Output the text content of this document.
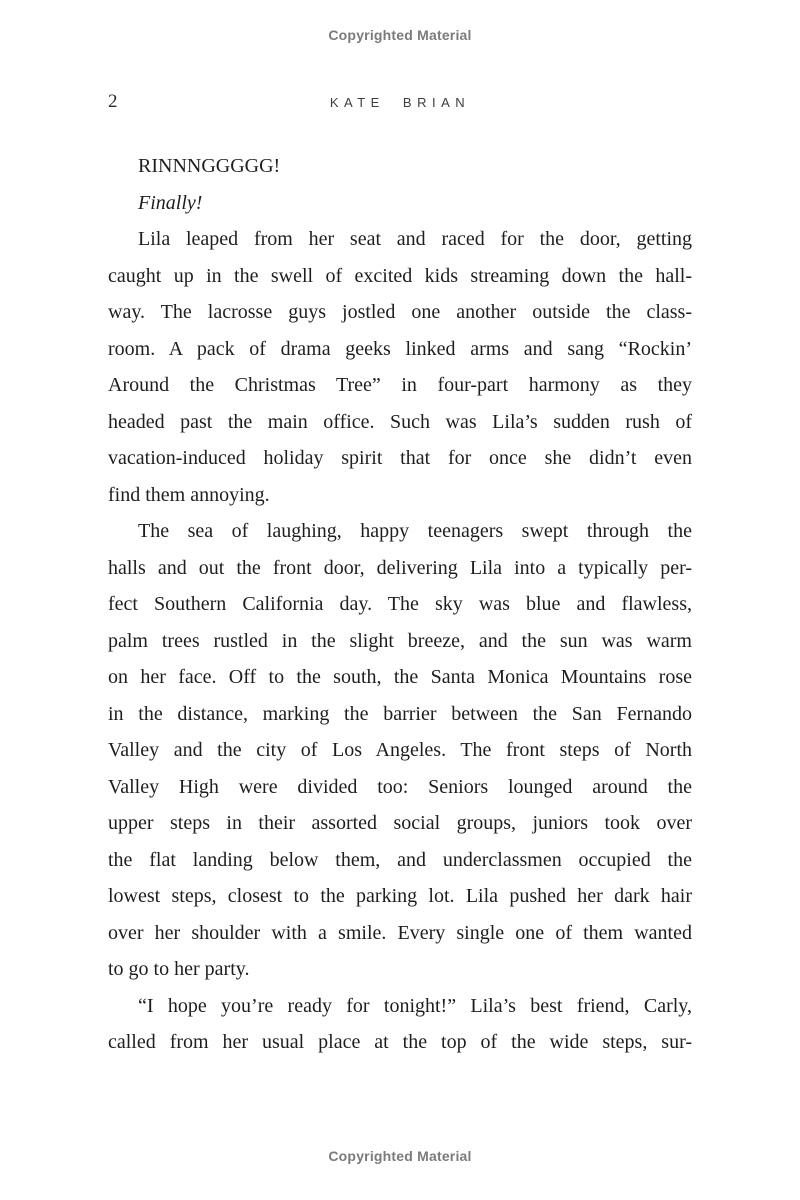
Copyrighted Material
2	KATE BRIAN
RINNNGGGGG!
Finally!
Lila leaped from her seat and raced for the door, getting
caught up in the swell of excited kids streaming down the hall-
way. The lacrosse guys jostled one another outside the class-
room. A pack of drama geeks linked arms and sang “Rockin’
Around the Christmas Tree” in four-part harmony as they
headed past the main office. Such was Lila’s sudden rush of
vacation-induced holiday spirit that for once she didn’t even
find them annoying.
The sea of laughing, happy teenagers swept through the
halls and out the front door, delivering Lila into a typically per-
fect Southern California day. The sky was blue and flawless,
palm trees rustled in the slight breeze, and the sun was warm
on her face. Off to the south, the Santa Monica Mountains rose
in the distance, marking the barrier between the San Fernando
Valley and the city of Los Angeles. The front steps of North
Valley High were divided too: Seniors lounged around the
upper steps in their assorted social groups, juniors took over
the flat landing below them, and underclassmen occupied the
lowest steps, closest to the parking lot. Lila pushed her dark hair
over her shoulder with a smile. Every single one of them wanted
to go to her party.
“I hope you’re ready for tonight!” Lila’s best friend, Carly,
called from her usual place at the top of the wide steps, sur-
Copyrighted Material
